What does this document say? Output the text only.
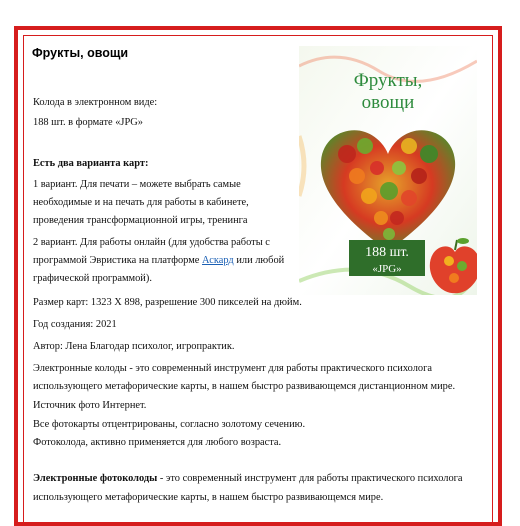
Фрукты, овощи
Колода в электронном виде:
188 шт. в формате «JPG»
Есть два варианта карт:
1 вариант. Для печати – можете выбрать самые
необходимые и на печать для работы в кабинете,
проведения трансформационной игры, тренинга
2 вариант. Для работы онлайн (для удобства работы с
программой Эвристика на платформе Аскард или любой
графической программой).
Размер карт: 1323 Х 898, разрешение 300 пикселей на дюйм.
Год создания: 2021
Автор: Лена Благодар психолог, игропрактик.
Электронные колоды - это современный инструмент для работы практического психолога
использующего метафорические карты, в нашем быстро развивающемся дистанционном мире.
Источник фото Интернет.
Все фотокарты отцентрированы, согласно золотому сечению.
Фотоколода, активно применяется для любого возраста.
Электронные фотоколоды - это современный инструмент для работы практического психолога
использующего метафорические карты, в нашем быстро развивающемся мире.
Фрукты,
овощи
188 шт.
«JPG»
